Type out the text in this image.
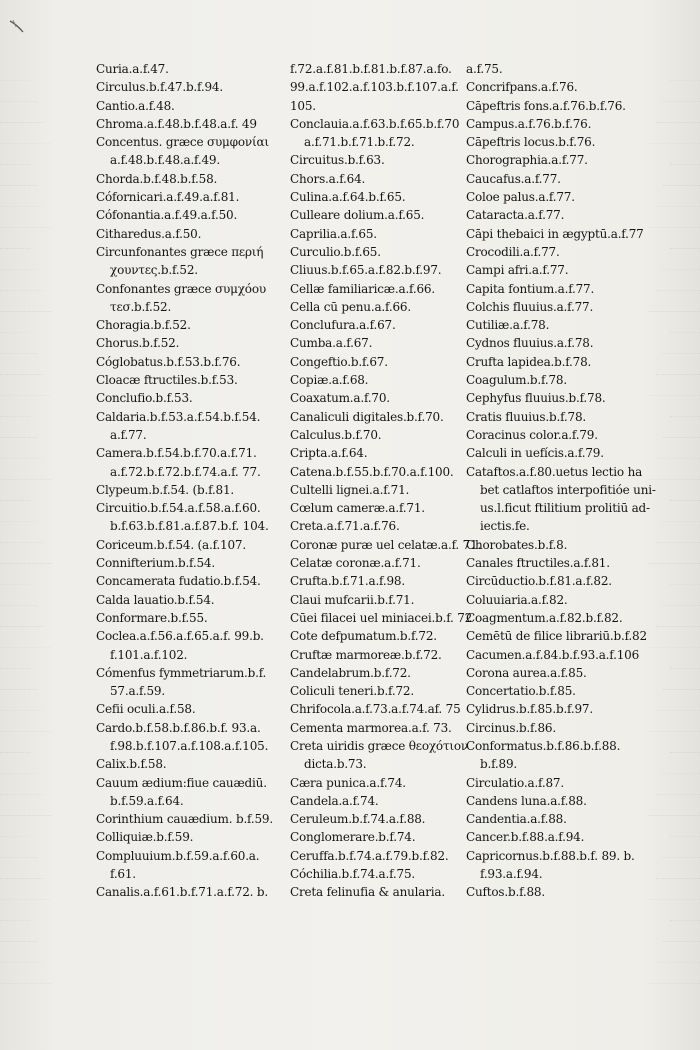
Curia.a.f.47.
Circulus.b.f.47.b.f.94.
Cantio.a.f.48.
Chroma.a.f.48.b.f.48.a.f. 49
Concentus. græce συμφονίαι
a.f.48.b.f.48.a.f.49.
Chorda.b.f.48.b.f.58.
Cófornicari.a.f.49.a.f.81.
Cófonantia.a.f.49.a.f.50.
Citharedus.a.f.50.
Circunfonantes græce περιή
χουντες.b.f.52.
Confonantes græce συμχόου
τεσ.b.f.52.
Choragia.b.f.52.
Chorus.b.f.52.
Cóglobatus.b.f.53.b.f.76.
Cloacæ ftructiles.b.f.53.
Conclufio.b.f.53.
Caldaria.b.f.53.a.f.54.b.f.54.
a.f.77.
Camera.b.f.54.b.f.70.a.f.71.
a.f.72.b.f.72.b.f.74.a.f. 77.
Clypeum.b.f.54. (b.f.81.
Circuitio.b.f.54.a.f.58.a.f.60.
b.f.63.b.f.81.a.f.87.b.f. 104.
Coriceum.b.f.54. (a.f.107.
Connifterium.b.f.54.
Concamerata fudatio.b.f.54.
Calda lauatio.b.f.54.
Conformare.b.f.55.
Coclea.a.f.56.a.f.65.a.f. 99.b.
f.101.a.f.102.
Cómenfus fymmetriarum.b.f.
57.a.f.59.
Cefii oculi.a.f.58.
Cardo.b.f.58.b.f.86.b.f. 93.a.
f.98.b.f.107.a.f.108.a.f.105.
Calix.b.f.58.
Cauum ædium:fiue cauædiū.
b.f.59.a.f.64.
Corinthium cauædium. b.f.59.
Colliquiæ.b.f.59.
Compluuium.b.f.59.a.f.60.a.
f.61.
Canalis.a.f.61.b.f.71.a.f.72. b.
f.72.a.f.81.b.f.81.b.f.87.a.fo.
99.a.f.102.a.f.103.b.f.107.a.f.
105.
Conclauia.a.f.63.b.f.65.b.f.70
a.f.71.b.f.71.b.f.72.
Circuitus.b.f.63.
Chors.a.f.64.
Culina.a.f.64.b.f.65.
Culleare dolium.a.f.65.
Caprilia.a.f.65.
Curculio.b.f.65.
Cliuus.b.f.65.a.f.82.b.f.97.
Cellæ familiaricæ.a.f.66.
Cella cū penu.a.f.66.
Conclufura.a.f.67.
Cumba.a.f.67.
Congeftio.b.f.67.
Copiæ.a.f.68.
Coaxatum.a.f.70.
Canaliculi digitales.b.f.70.
Calculus.b.f.70.
Cripta.a.f.64.
Catena.b.f.55.b.f.70.a.f.100.
Cultelli lignei.a.f.71.
Cœlum cameræ.a.f.71.
Creta.a.f.71.a.f.76.
Coronæ puræ uel celatæ.a.f. 71.
Celatæ coronæ.a.f.71.
Crufta.b.f.71.a.f.98.
Claui mufcarii.b.f.71.
Cūei filacei uel miniacei.b.f. 72
Cote defpumatum.b.f.72.
Cruftæ marmoreæ.b.f.72.
Candelabrum.b.f.72.
Coliculi teneri.b.f.72.
Chrifocola.a.f.73.a.f.74.af. 75
Cementa marmorea.a.f. 73.
Creta uiridis græce θεοχότιον
dicta.b.73.
Cæra punica.a.f.74.
Candela.a.f.74.
Ceruleum.b.f.74.a.f.88.
Conglomerare.b.f.74.
Ceruffa.b.f.74.a.f.79.b.f.82.
Cóchilia.b.f.74.a.f.75.
Creta felinufia & anularia.
a.f.75.
Concrifpans.a.f.76.
Cāpeftris fons.a.f.76.b.f.76.
Campus.a.f.76.b.f.76.
Cāpeftris locus.b.f.76.
Chorographia.a.f.77.
Caucafus.a.f.77.
Coloe palus.a.f.77.
Cataracta.a.f.77.
Cāpi thebaici in ægyptū.a.f.77
Crocodili.a.f.77.
Campi afri.a.f.77.
Capita fontium.a.f.77.
Colchis fluuius.a.f.77.
Cutiliæ.a.f.78.
Cydnos fluuius.a.f.78.
Crufta lapidea.b.f.78.
Coagulum.b.f.78.
Cephyfus fluuius.b.f.78.
Cratis fluuius.b.f.78.
Coracinus color.a.f.79.
Calculi in uefícis.a.f.79.
Cataftos.a.f.80.uetus lectio ha
bet catlaftos interpofitióe uni-
us.l.ficut ftilitium prolitiū ad-
iectis.fe.
Chorobates.b.f.8.
Canales ftructiles.a.f.81.
Circūductio.b.f.81.a.f.82.
Coluuiaria.a.f.82.
Coagmentum.a.f.82.b.f.82.
Cemētū de filice librariū.b.f.82
Cacumen.a.f.84.b.f.93.a.f.106
Corona aurea.a.f.85.
Concertatio.b.f.85.
Cylidrus.b.f.85.b.f.97.
Circinus.b.f.86.
Conformatus.b.f.86.b.f.88.
b.f.89.
Circulatio.a.f.87.
Candens luna.a.f.88.
Candentia.a.f.88.
Cancer.b.f.88.a.f.94.
Capricornus.b.f.88.b.f. 89. b.
f.93.a.f.94.
Cuftos.b.f.88.
